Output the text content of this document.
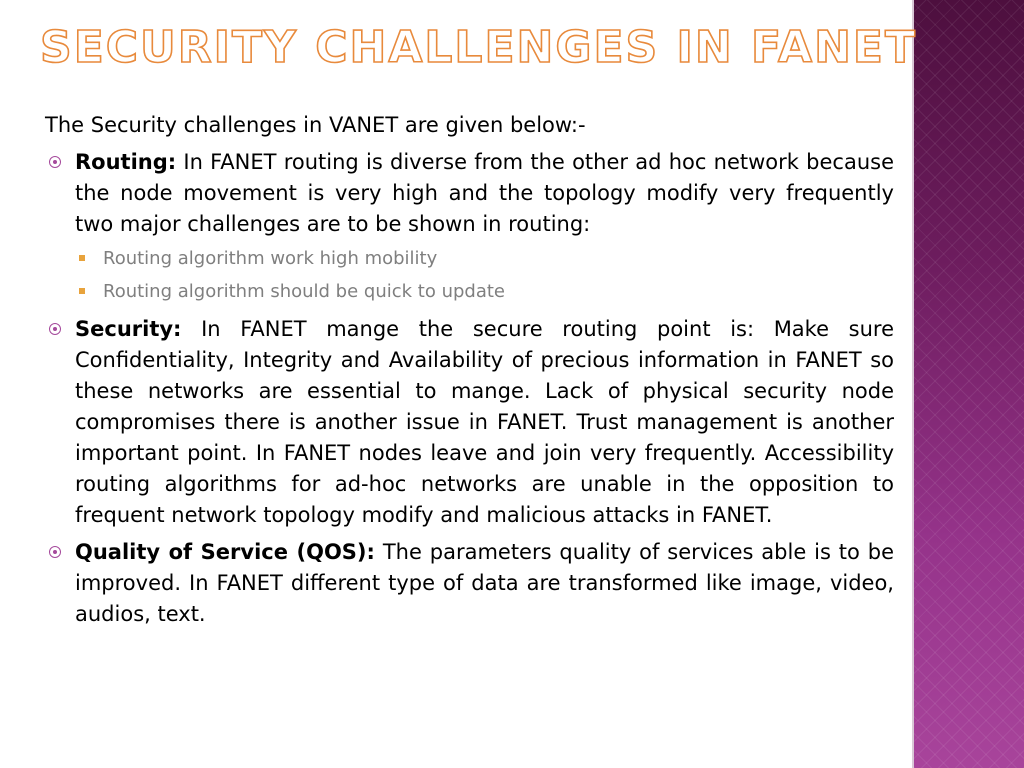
SECURITY CHALLENGES IN FANET

The Security challenges in VANET are given below:-

Routing: In FANET routing is diverse from the other ad hoc network because the node movement is very high and the topology modify very frequently two major challenges are to be shown in routing:
Routing algorithm work high mobility
Routing algorithm should be quick to update
Security: In FANET mange the secure routing point is: Make sure Confidentiality, Integrity and Availability of precious information in FANET so these networks are essential to mange. Lack of physical security node compromises there is another issue in FANET. Trust management is another important point. In FANET nodes leave and join very frequently. Accessibility routing algorithms for ad-hoc networks are unable in the opposition to frequent network topology modify and malicious attacks in FANET.
Quality of Service (QOS): The parameters quality of services able is to be improved. In FANET different type of data are transformed like image, video, audios, text.
